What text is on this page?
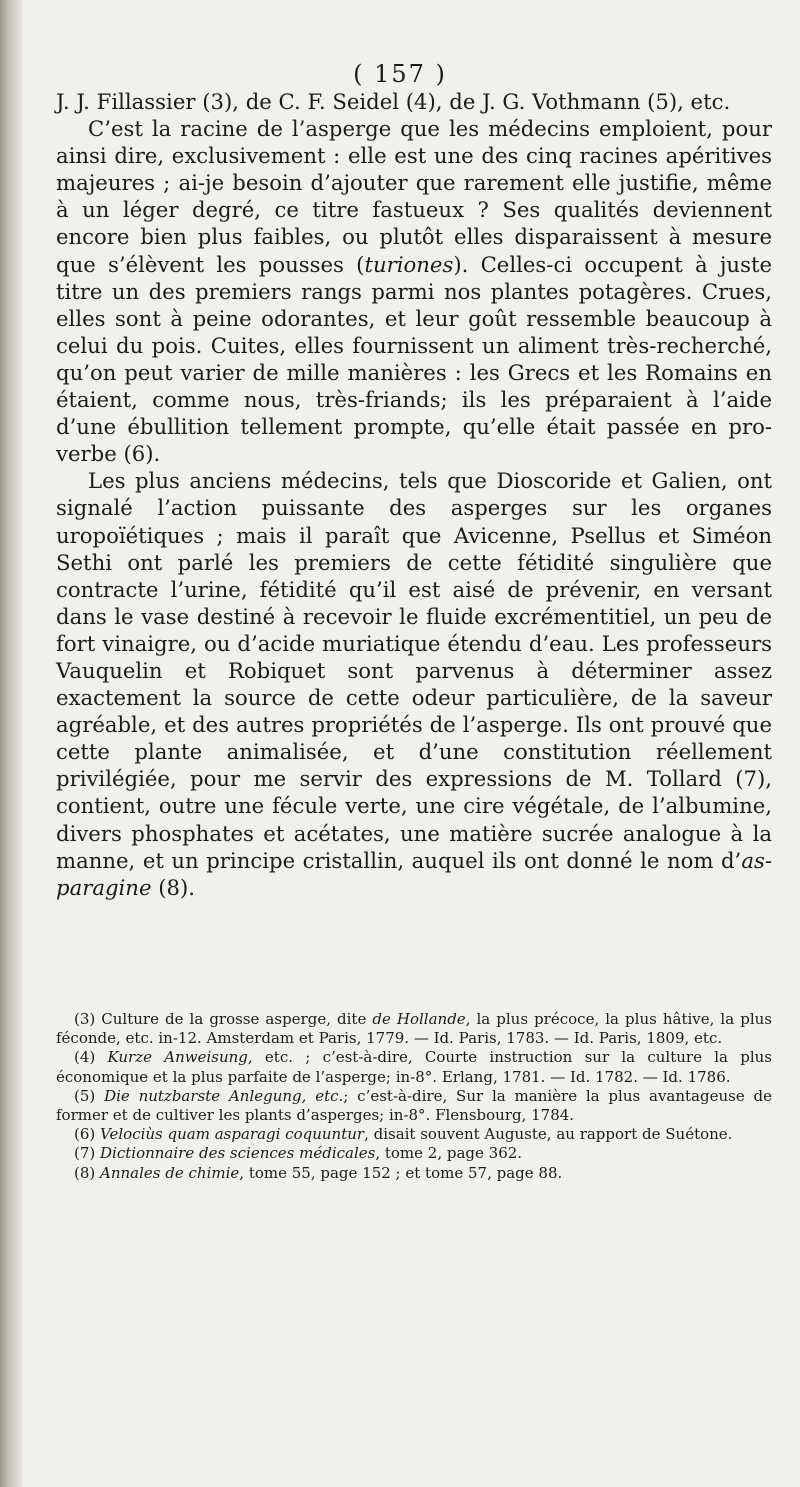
( 157 )

J. J. Fillassier (3), de C. F. Seidel (4), de J. G. Vothmann (5), etc.

C’est la racine de l’asperge que les médecins emploient, pour ainsi dire, exclusivement : elle est une des cinq racines apéritives majeures ; ai-je besoin d’ajouter que rarement elle justifie, même à un léger degré, ce titre fastueux ? Ses qualités deviennent encore bien plus faibles, ou plutôt elles disparaissent à mesure que s’élèvent les pousses (turiones). Celles-ci occupent à juste titre un des premiers rangs parmi nos plantes potagères. Crues, elles sont à peine odorantes, et leur goût ressemble beaucoup à celui du pois. Cuites, elles fournissent un aliment très-recherché, qu’on peut varier de mille manières : les Grecs et les Romains en étaient, comme nous, très-friands; ils les préparaient à l’aide d’une ébullition tellement prompte, qu’elle était passée en proverbe (6).

Les plus anciens médecins, tels que Dioscoride et Galien, ont signalé l’action puissante des asperges sur les organes uropoïétiques ; mais il paraît que Avicenne, Psellus et Siméon Sethi ont parlé les premiers de cette fétidité singulière que contracte l’urine, fétidité qu’il est aisé de prévenir, en versant dans le vase destiné à recevoir le fluide excrémentitiel, un peu de fort vinaigre, ou d’acide muriatique étendu d’eau. Les professeurs Vauquelin et Robiquet sont parvenus à déterminer assez exactement la source de cette odeur particulière, de la saveur agréable, et des autres propriétés de l’asperge. Ils ont prouvé que cette plante animalisée, et d’une constitution réellement privilégiée, pour me servir des expressions de M. Tollard (7), contient, outre une fécule verte, une cire végétale, de l’albumine, divers phosphates et acétates, une matière sucrée analogue à la manne, et un principe cristallin, auquel ils ont donné le nom d’asparagine (8).

(3) Culture de la grosse asperge, dite de Hollande, la plus précoce, la plus hâtive, la plus féconde, etc. in-12. Amsterdam et Paris, 1779. — Id. Paris, 1783. — Id. Paris, 1809, etc.

(4) Kurze Anweisung, etc. ; c’est-à-dire, Courte instruction sur la culture la plus économique et la plus parfaite de l’asperge; in-8°. Erlang, 1781. — Id. 1782. — Id. 1786.

(5) Die nutzbarste Anlegung, etc.; c’est-à-dire, Sur la manière la plus avantageuse de former et de cultiver les plants d’asperges; in-8°. Flensbourg, 1784.

(6) Velociùs quam asparagi coquuntur, disait souvent Auguste, au rapport de Suétone.

(7) Dictionnaire des sciences médicales, tome 2, page 362.

(8) Annales de chimie, tome 55, page 152 ; et tome 57, page 88.
